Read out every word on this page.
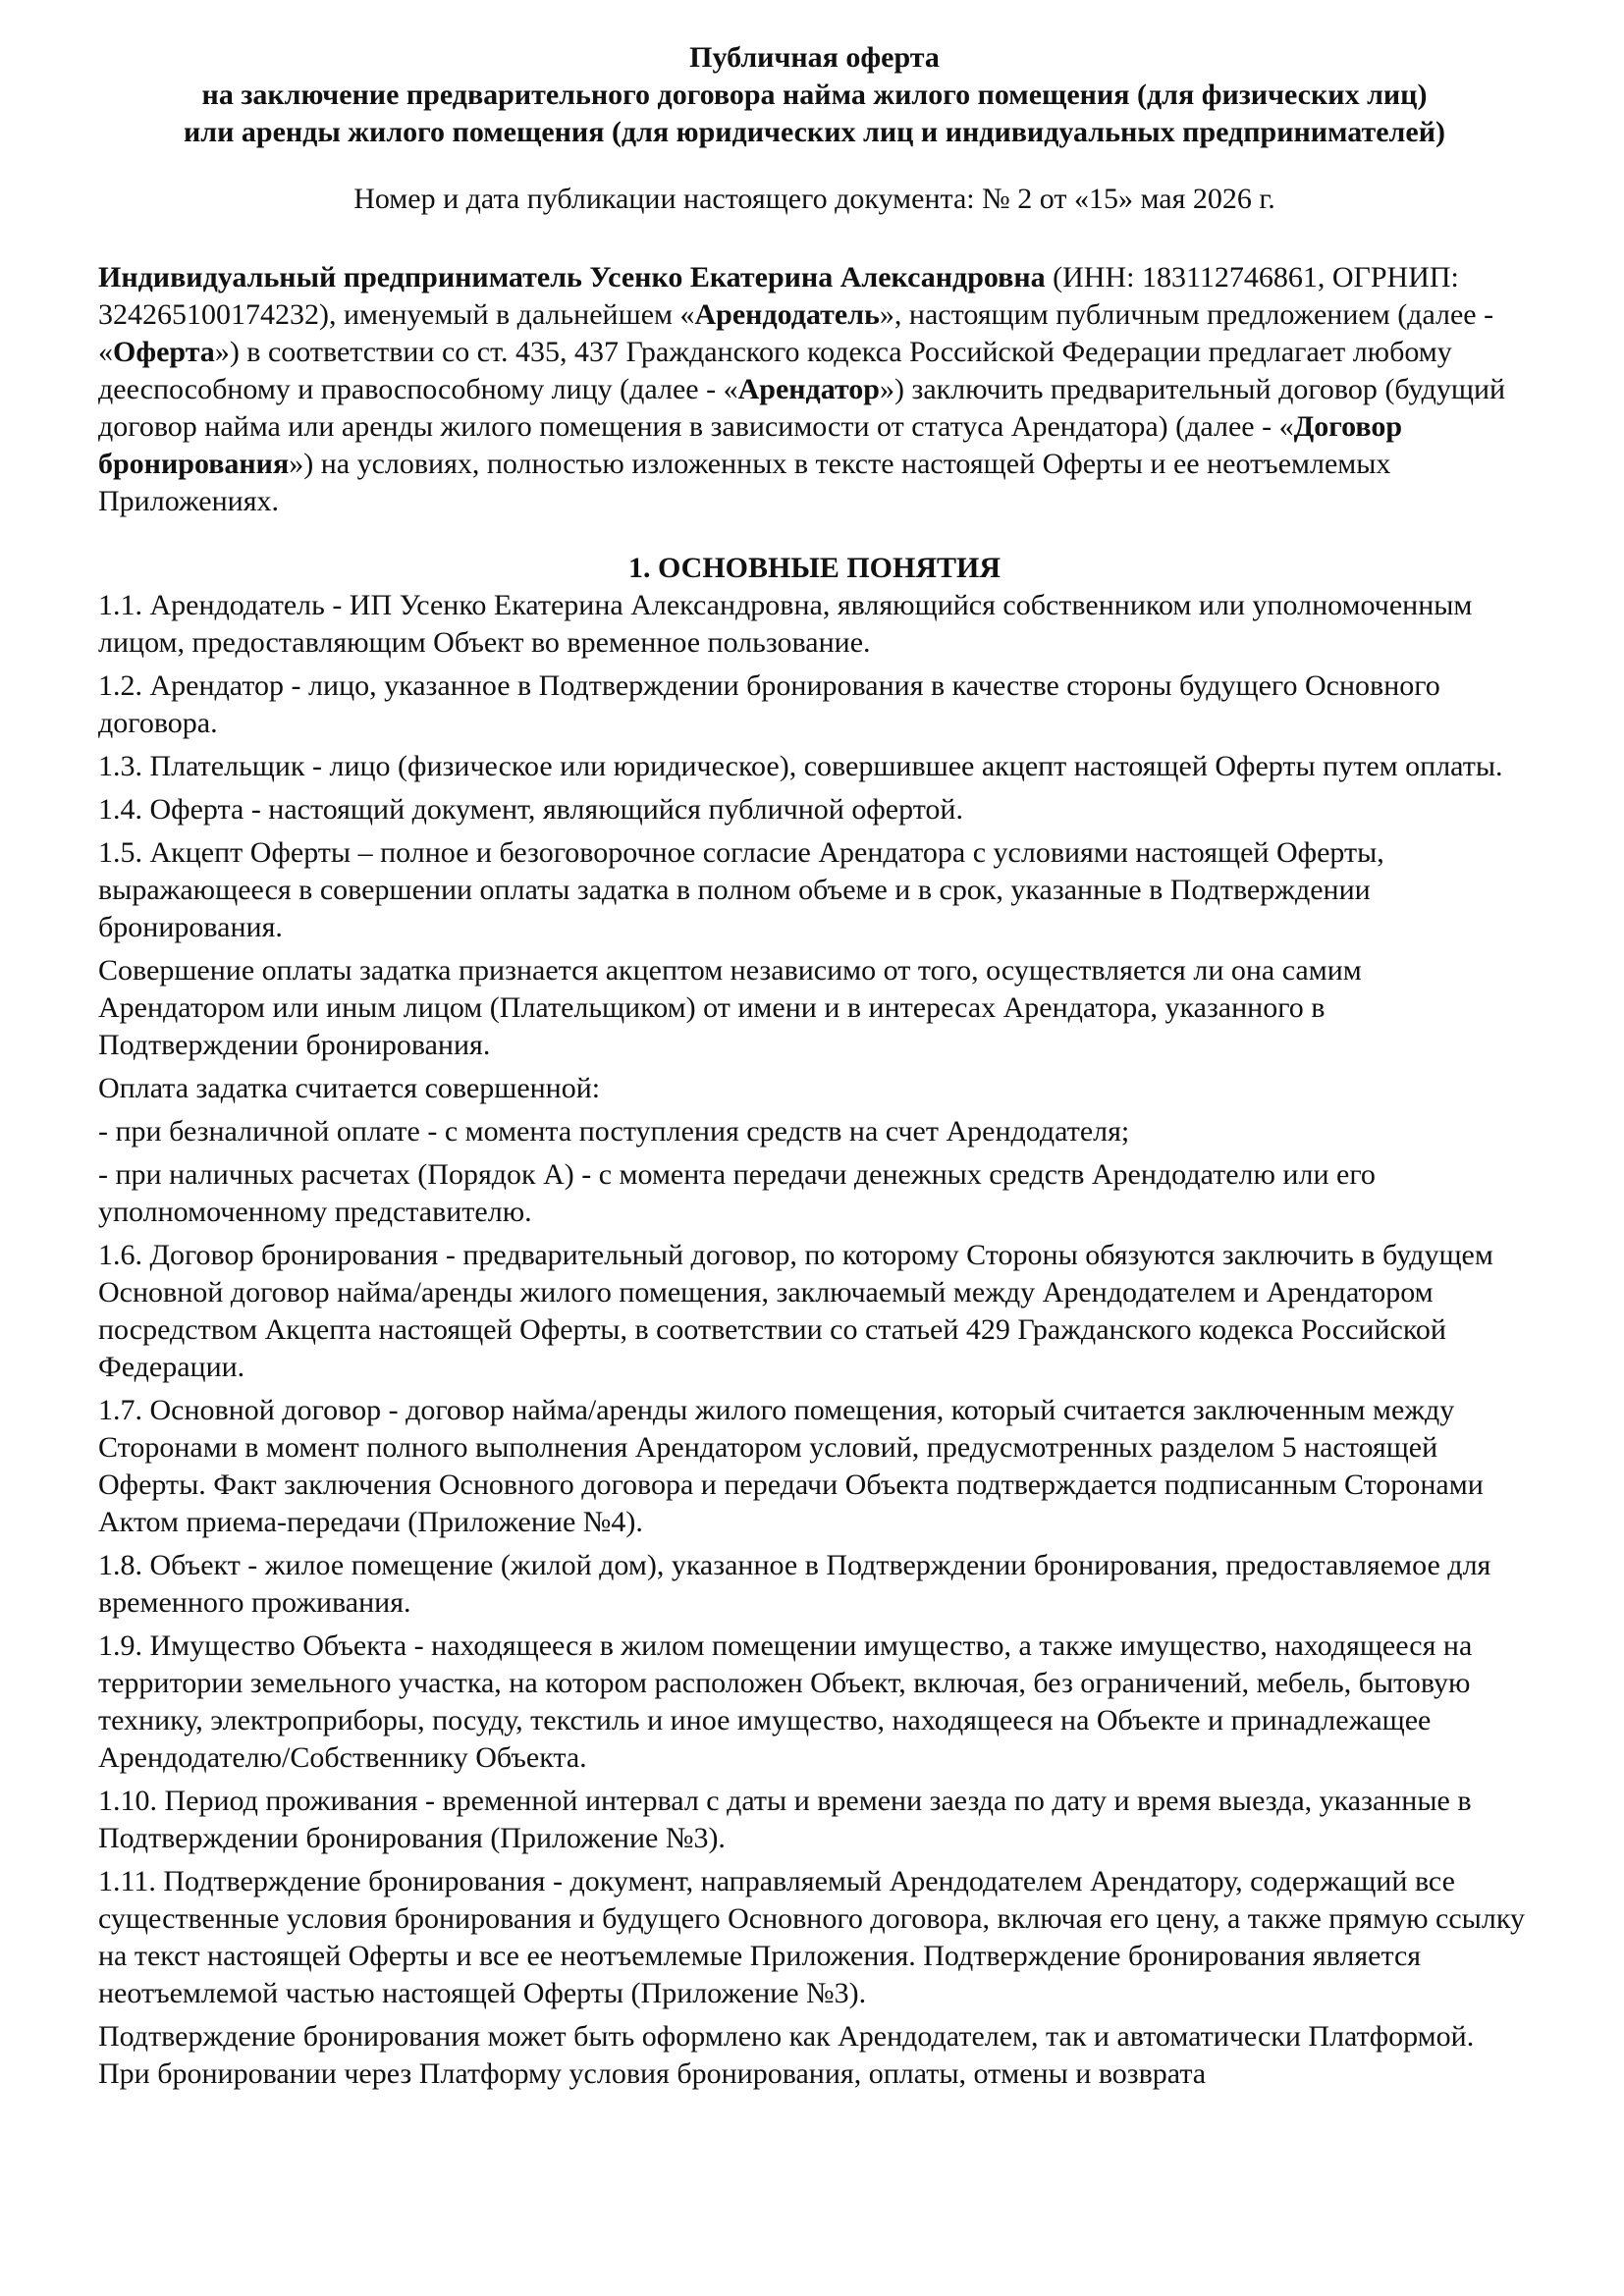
Публичная оферта
на заключение предварительного договора найма жилого помещения (для физических лиц)
или аренды жилого помещения (для юридических лиц и индивидуальных предпринимателей)
Номер и дата публикации настоящего документа: № 2 от «15» мая 2026 г.
Индивидуальный предприниматель Усенко Екатерина Александровна (ИНН: 183112746861, ОГРНИП: 324265100174232), именуемый в дальнейшем «Арендодатель», настоящим публичным предложением (далее - «Оферта») в соответствии со ст. 435, 437 Гражданского кодекса Российской Федерации предлагает любому дееспособному и правоспособному лицу (далее - «Арендатор») заключить предварительный договор (будущий договор найма или аренды жилого помещения в зависимости от статуса Арендатора) (далее - «Договор бронирования») на условиях, полностью изложенных в тексте настоящей Оферты и ее неотъемлемых Приложениях.
1. ОСНОВНЫЕ ПОНЯТИЯ

1.1. Арендодатель - ИП Усенко Екатерина Александровна, являющийся собственником или уполномоченным лицом, предоставляющим Объект во временное пользование.

1.2. Арендатор - лицо, указанное в Подтверждении бронирования в качестве стороны будущего Основного договора.

1.3. Плательщик - лицо (физическое или юридическое), совершившее акцепт настоящей Оферты путем оплаты.

1.4. Оферта - настоящий документ, являющийся публичной офертой.

1.5. Акцепт Оферты – полное и безоговорочное согласие Арендатора с условиями настоящей Оферты, выражающееся в совершении оплаты задатка в полном объеме и в срок, указанные в Подтверждении бронирования.

Совершение оплаты задатка признается акцептом независимо от того, осуществляется ли она самим Арендатором или иным лицом (Плательщиком) от имени и в интересах Арендатора, указанного в Подтверждении бронирования.

Оплата задатка считается совершенной:

- при безналичной оплате - с момента поступления средств на счет Арендодателя;

- при наличных расчетах (Порядок А) - с момента передачи денежных средств Арендодателю или его уполномоченному представителю.

1.6. Договор бронирования - предварительный договор, по которому Стороны обязуются заключить в будущем Основной договор найма/аренды жилого помещения, заключаемый между Арендодателем и Арендатором посредством Акцепта настоящей Оферты, в соответствии со статьей 429 Гражданского кодекса Российской Федерации.

1.7. Основной договор - договор найма/аренды жилого помещения, который считается заключенным между Сторонами в момент полного выполнения Арендатором условий, предусмотренных разделом 5 настоящей Оферты. Факт заключения Основного договора и передачи Объекта подтверждается подписанным Сторонами Актом приема-передачи (Приложение №4).

1.8. Объект - жилое помещение (жилой дом), указанное в Подтверждении бронирования, предоставляемое для временного проживания.

1.9. Имущество Объекта - находящееся в жилом помещении имущество, а также имущество, находящееся на территории земельного участка, на котором расположен Объект, включая, без ограничений, мебель, бытовую технику, электроприборы, посуду, текстиль и иное имущество, находящееся на Объекте и принадлежащее Арендодателю/Собственнику Объекта.

1.10. Период проживания - временной интервал с даты и времени заезда по дату и время выезда, указанные в Подтверждении бронирования (Приложение №3).

1.11. Подтверждение бронирования - документ, направляемый Арендодателем Арендатору, содержащий все существенные условия бронирования и будущего Основного договора, включая его цену, а также прямую ссылку на текст настоящей Оферты и все ее неотъемлемые Приложения. Подтверждение бронирования является неотъемлемой частью настоящей Оферты (Приложение №3).

Подтверждение бронирования может быть оформлено как Арендодателем, так и автоматически Платформой. При бронировании через Платформу условия бронирования, оплаты, отмены и возврата
